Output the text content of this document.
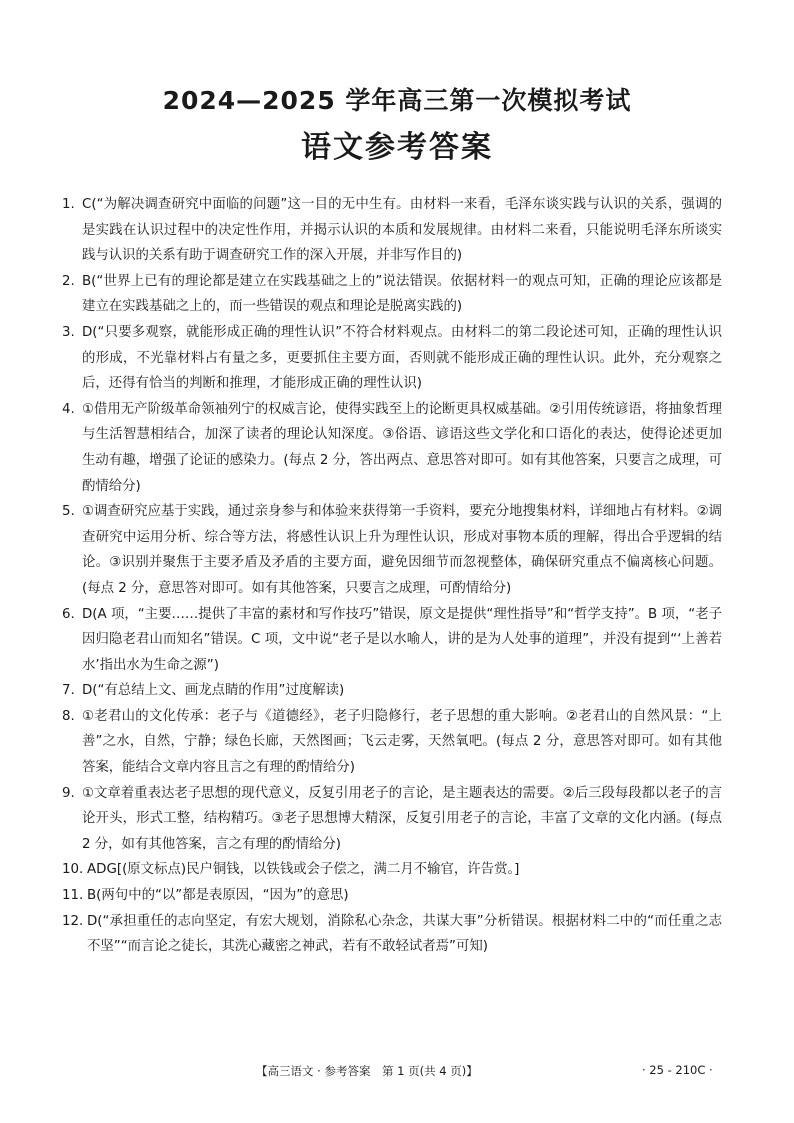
2024—2025 学年高三第一次模拟考试
语文参考答案
1. C(“为解决调查研究中面临的问题”这一目的无中生有。由材料一来看，毛泽东谈实践与认识的关系，强调的是实践在认识过程中的决定性作用，并揭示认识的本质和发展规律。由材料二来看，只能说明毛泽东所谈实践与认识的关系有助于调查研究工作的深入开展，并非写作目的)
2. B(“世界上已有的理论都是建立在实践基础之上的”说法错误。依据材料一的观点可知，正确的理论应该都是建立在实践基础之上的，而一些错误的观点和理论是脱离实践的)
3. D(“只要多观察，就能形成正确的理性认识”不符合材料观点。由材料二的第二段论述可知，正确的理性认识的形成，不光靠材料占有量之多，更要抓住主要方面，否则就不能形成正确的理性认识。此外，充分观察之后，还得有恰当的判断和推理，才能形成正确的理性认识)
4. ①借用无产阶级革命领袖列宁的权威言论，使得实践至上的论断更具权威基础。②引用传统谚语，将抽象哲理与生活智慧相结合，加深了读者的理论认知深度。③俗语、谚语这些文学化和口语化的表达，使得论述更加生动有趣，增强了论证的感染力。(每点 2 分，答出两点、意思答对即可。如有其他答案，只要言之成理，可酌情给分)
5. ①调查研究应基于实践，通过亲身参与和体验来获得第一手资料，要充分地搜集材料，详细地占有材料。②调查研究中运用分析、综合等方法，将感性认识上升为理性认识，形成对事物本质的理解，得出合乎逻辑的结论。③识别并聚焦于主要矛盾及矛盾的主要方面，避免因细节而忽视整体，确保研究重点不偏离核心问题。(每点 2 分，意思答对即可。如有其他答案，只要言之成理，可酌情给分)
6. D(A 项，“主要……提供了丰富的素材和写作技巧”错误，原文是提供“理性指导”和“哲学支持”。B 项，“老子因归隐老君山而知名”错误。C 项，文中说“老子是以水喻人，讲的是为人处事的道理”，并没有提到“‘上善若水’指出水为生命之源”)
7. D(“有总结上文、画龙点睛的作用”过度解读)
8. ①老君山的文化传承：老子与《道德经》，老子归隐修行，老子思想的重大影响。②老君山的自然风景：“上善”之水，自然，宁静；绿色长廊，天然图画；飞云走雾，天然氧吧。(每点 2 分，意思答对即可。如有其他答案，能结合文章内容且言之有理的酌情给分)
9. ①文章着重表达老子思想的现代意义，反复引用老子的言论，是主题表达的需要。②后三段每段都以老子的言论开头，形式工整，结构精巧。③老子思想博大精深，反复引用老子的言论，丰富了文章的文化内涵。(每点 2 分，如有其他答案，言之有理的酌情给分)
10. ADG[(原文标点)民户铜钱，以铁钱或会子偿之，满二月不输官，许告赏。]
11. B(两句中的“以”都是表原因，“因为”的意思)
12. D(“承担重任的志向坚定，有宏大规划，消除私心杂念，共谋大事”分析错误。根据材料二中的“而任重之志不坚”“而言论之徒长，其洗心藏密之神武，若有不敢轻试者焉”可知)
【高三语文 · 参考答案　第 1 页(共 4 页)】	· 25 - 210C ·
